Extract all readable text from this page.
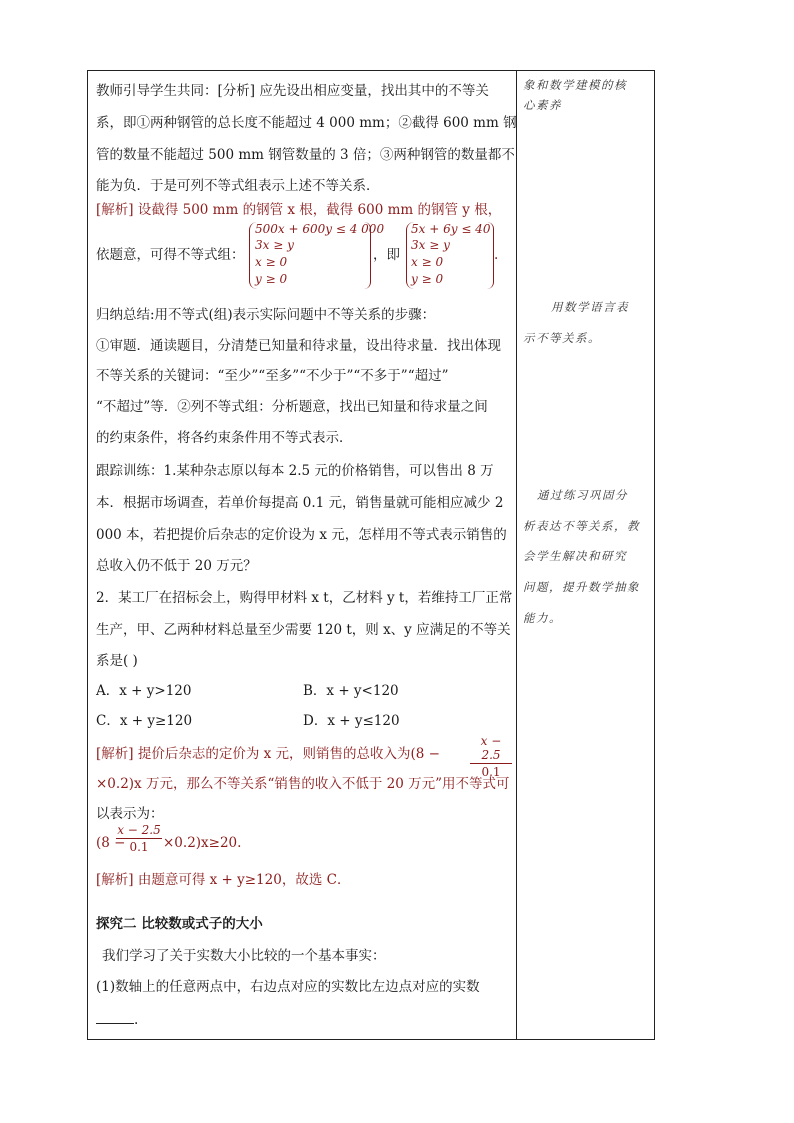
教师引导学生共同：[分析] 应先设出相应变量，找出其中的不等关
系，即①两种钢管的总长度不能超过 4 000 mm；②截得 600 mm 钢
管的数量不能超过 500 mm 钢管数量的 3 倍；③两种钢管的数量都不
能为负．于是可列不等式组表示上述不等关系．
[解析] 设截得 500 mm 的钢管 x 根，截得 600 mm 的钢管 y 根，
依题意，可得不等式组：
500x + 600y ≤ 4 000
3x ≥ y
x ≥ 0
y ≥ 0
，即
5x + 6y ≤ 40
3x ≥ y
x ≥ 0
y ≥ 0
.
归纳总结:用不等式(组)表示实际问题中不等关系的步骤：
①审题．通读题目，分清楚已知量和待求量，设出待求量．找出体现
不等关系的关键词：“至少”“至多”“不少于”“不多于”“超过”
“不超过”等．②列不等式组：分析题意，找出已知量和待求量之间
的约束条件，将各约束条件用不等式表示．
跟踪训练：1.某种杂志原以每本 2.5 元的价格销售，可以售出 8 万
本．根据市场调查，若单价每提高 0.1 元，销售量就可能相应减少 2
000 本，若把提价后杂志的定价设为 x 元，怎样用不等式表示销售的
总收入仍不低于 20 万元？
2．某工厂在招标会上，购得甲材料 x t，乙材料 y t，若维持工厂正常
生产，甲、乙两种材料总量至少需要 120 t，则 x、y 应满足的不等关
系是( )
A．x + y>120	B．x + y<120
C．x + y≥120	D．x + y≤120
[解析] 提价后杂志的定价为 x 元，则销售的总收入为(8 −
x − 2.5
0.1
×0.2)x 万元，那么不等关系“销售的收入不低于 20 万元”用不等式可
以表示为：
(8 −
x − 2.5
0.1	×0.2)x≥20.
[解析] 由题意可得 x + y≥120，故选 C．
探究二 比较数或式子的大小
我们学习了关于实数大小比较的一个基本事实：
(1)数轴上的任意两点中，右边点对应的实数比左边点对应的实数
.
象和数学建模的核
心素养
用数学语言表
示不等关系。
通过练习巩固分
析表达不等关系，教
会学生解决和研究
问题，提升数学抽象
能力。
